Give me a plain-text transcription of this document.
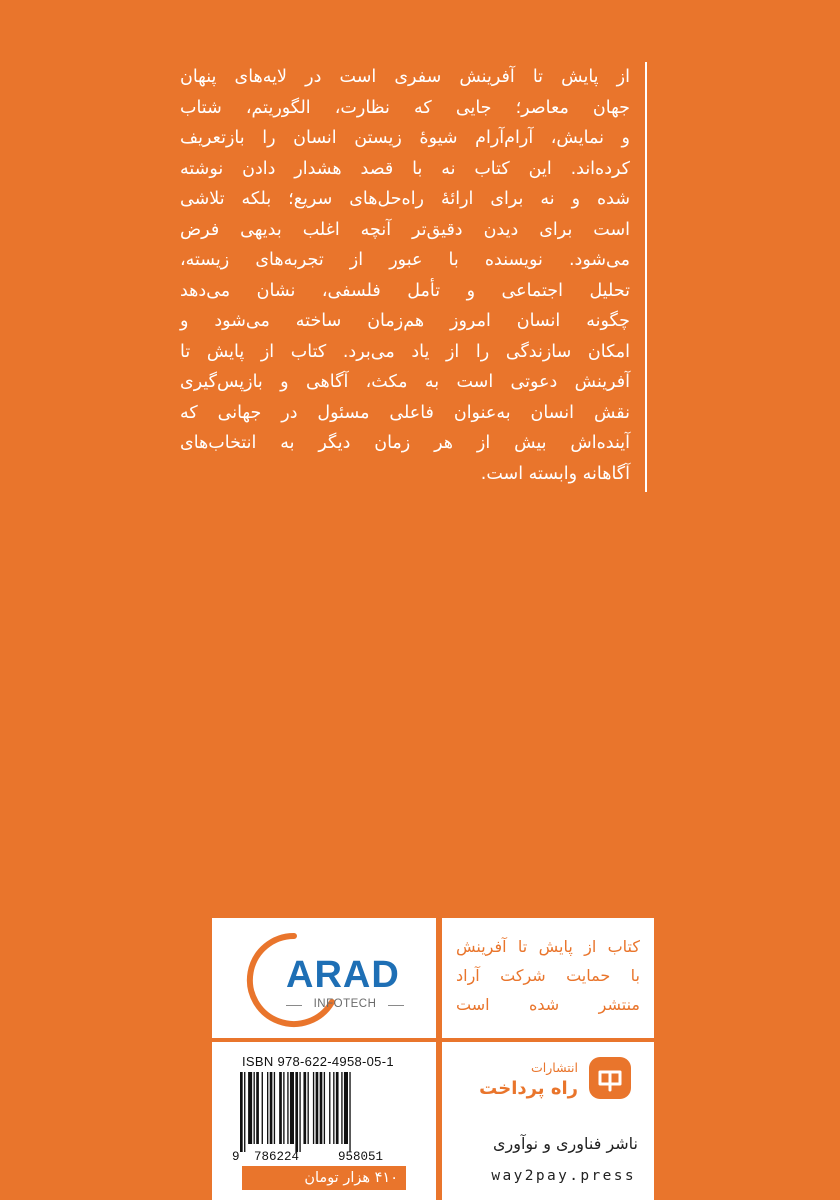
از پایش تا آفرینش سفری است در لایه‌های پنهان
جهان معاصر؛ جایی که نظارت، الگوریتم، شتاب
و نمایش، آرام‌آرام شیوهٔ زیستن انسان را بازتعریف
کرده‌اند. این کتاب نه با قصد هشدار دادن نوشته
شده و نه برای ارائهٔ راه‌حل‌های سریع؛ بلکه تلاشی
است برای دیدن دقیق‌تر آنچه اغلب بدیهی فرض
می‌شود. نویسنده با عبور از تجربه‌های زیسته،
تحلیل اجتماعی و تأمل فلسفی، نشان می‌دهد
چگونه انسان امروز هم‌زمان ساخته می‌شود و
امکان سازندگی را از یاد می‌برد. کتاب از پایش تا
آفرینش دعوتی است به مکث، آگاهی و بازپس‌گیری
نقش انسان به‌عنوان فاعلی مسئول در جهانی که
آینده‌اش بیش از هر زمان دیگر به انتخاب‌های
آگاهانه وابسته است.
ARAD
INFOTECH
کتاب از پایش تا آفرینش
با حمایت شرکت آراد
منتشر شده است
ISBN 978-622-4958-05-1
9 786224	958051
۴۱۰ هزار تومان
انتشارات
راه پرداخت
ناشر فناوری و نوآوری
way2pay.press
